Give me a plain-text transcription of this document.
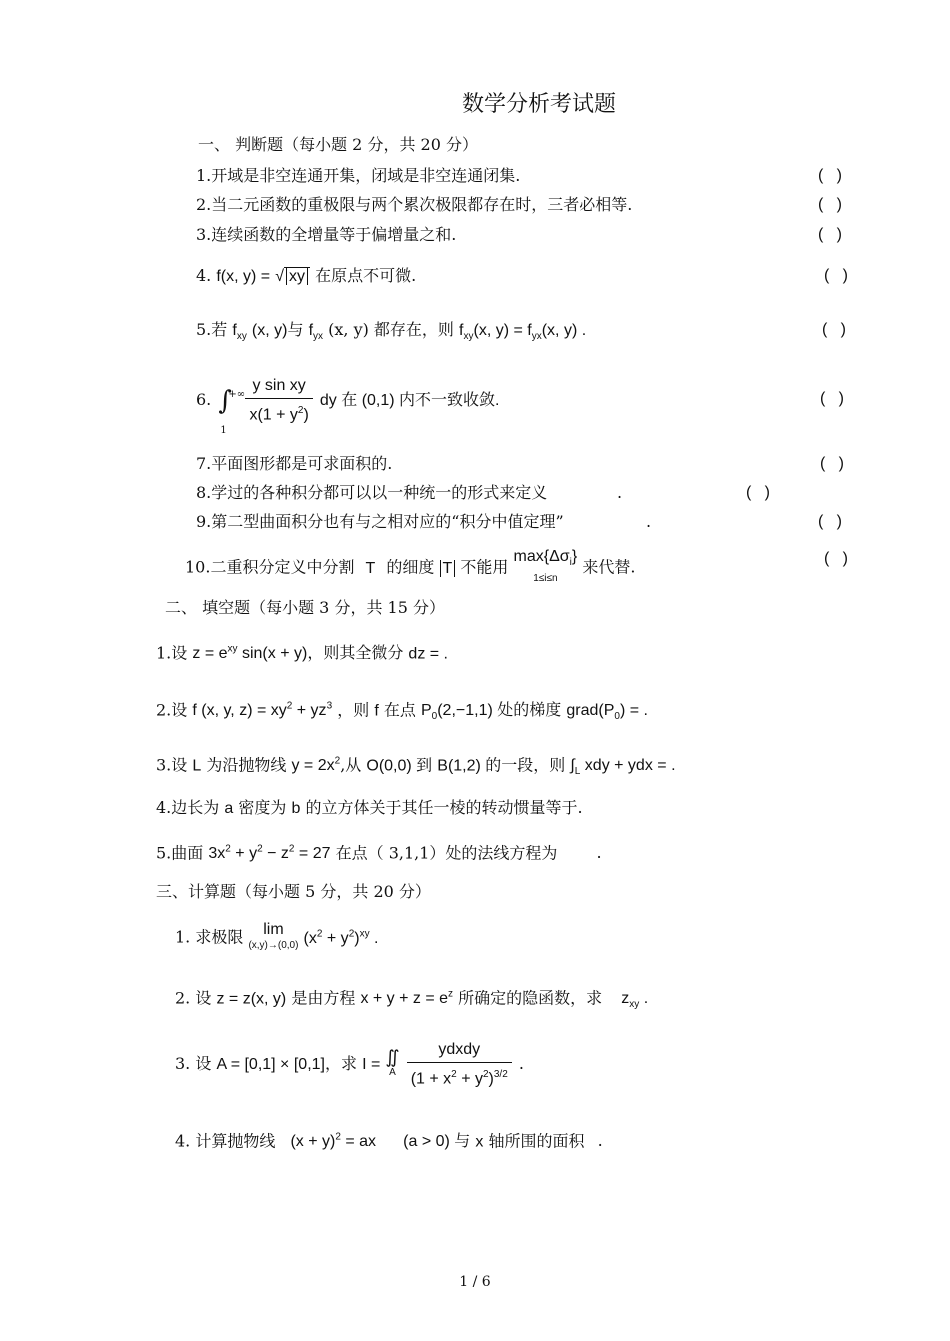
数学分析考试题
一、 判断题（每小题 2 分，共 20 分）
1.开域是非空连通开集，闭域是非空连通闭集.	(   )
2.当二元函数的重极限与两个累次极限都存在时，三者必相等.	(   )
3.连续函数的全增量等于偏增量之和.	(   )
4. f(x, y) = √ xy 在原点不可微.	(   )
5.若 $f_{xy}$ (x, y)与 $f_{yx}$ (x, y) 都存在，则 $f_{xy}(x$, $y) = f_{yx}(x$, y) .	(   )
6. ∫
+∞
1

$\frac{\text{y sin xy}}{x(1 + y^2)}$ dy 在 (0,1) 内不一致收敛.	(   )
7.平面图形都是可求面积的.	(   )
8.学过的各种积分都可以以一种统一的形式来定义	.	(   )
9.第二型曲面积分也有与之相对应的“积分中值定理”	.	(   )
10.二重积分定义中分割 T 的细度 T 不能用 $\max\{\Delta\sigma_i\}$
1≤i≤n
来代替.	(   )
二、 填空题（每小题 3 分，共 15 分）
1.设 $z = e^{xy}$ sin(x + y)，则其全微分 dz = .
2.设 f (x, y, $z) = xy^2 + yz^3$ ，则 f 在点 $P_0(2,-1,1)$ 处的梯度 $grad(P_0)$ = .
3.设 L 为沿抛物线 $y = 2x^2$,从 O(0,0) 到 B(1,2) 的一段，则 $\int_L$ xdy + ydx = .
4.边长为 a 密度为 b 的立方体关于其任一棱的转动惯量等于.
5.曲面 $3x^2 + y^2 - z^2 = 27$ 在点（ 3,1,1）处的法线方程为 .
三、计算题（每小题 5 分，共 20 分）
1. 求极限 lim
(x,y)→(0,0) $(x^2 + y^2)^{xy}$ .
2. 设 z = z(x, y) 是由方程 $x + y + z = e^z$ 所确定的隐函数，求 $z_{xy}$ .
3. 设 A = [0,1] × [0,1]，求 I = ∬
A
$\frac{\text{ydxdy}}{(1 + x^2 + y^2)^{3/2}}$ .
4. 计算抛物线 $(x + y)^2$ = ax (a > 0) 与 x 轴所围的面积 .
1 / 6
